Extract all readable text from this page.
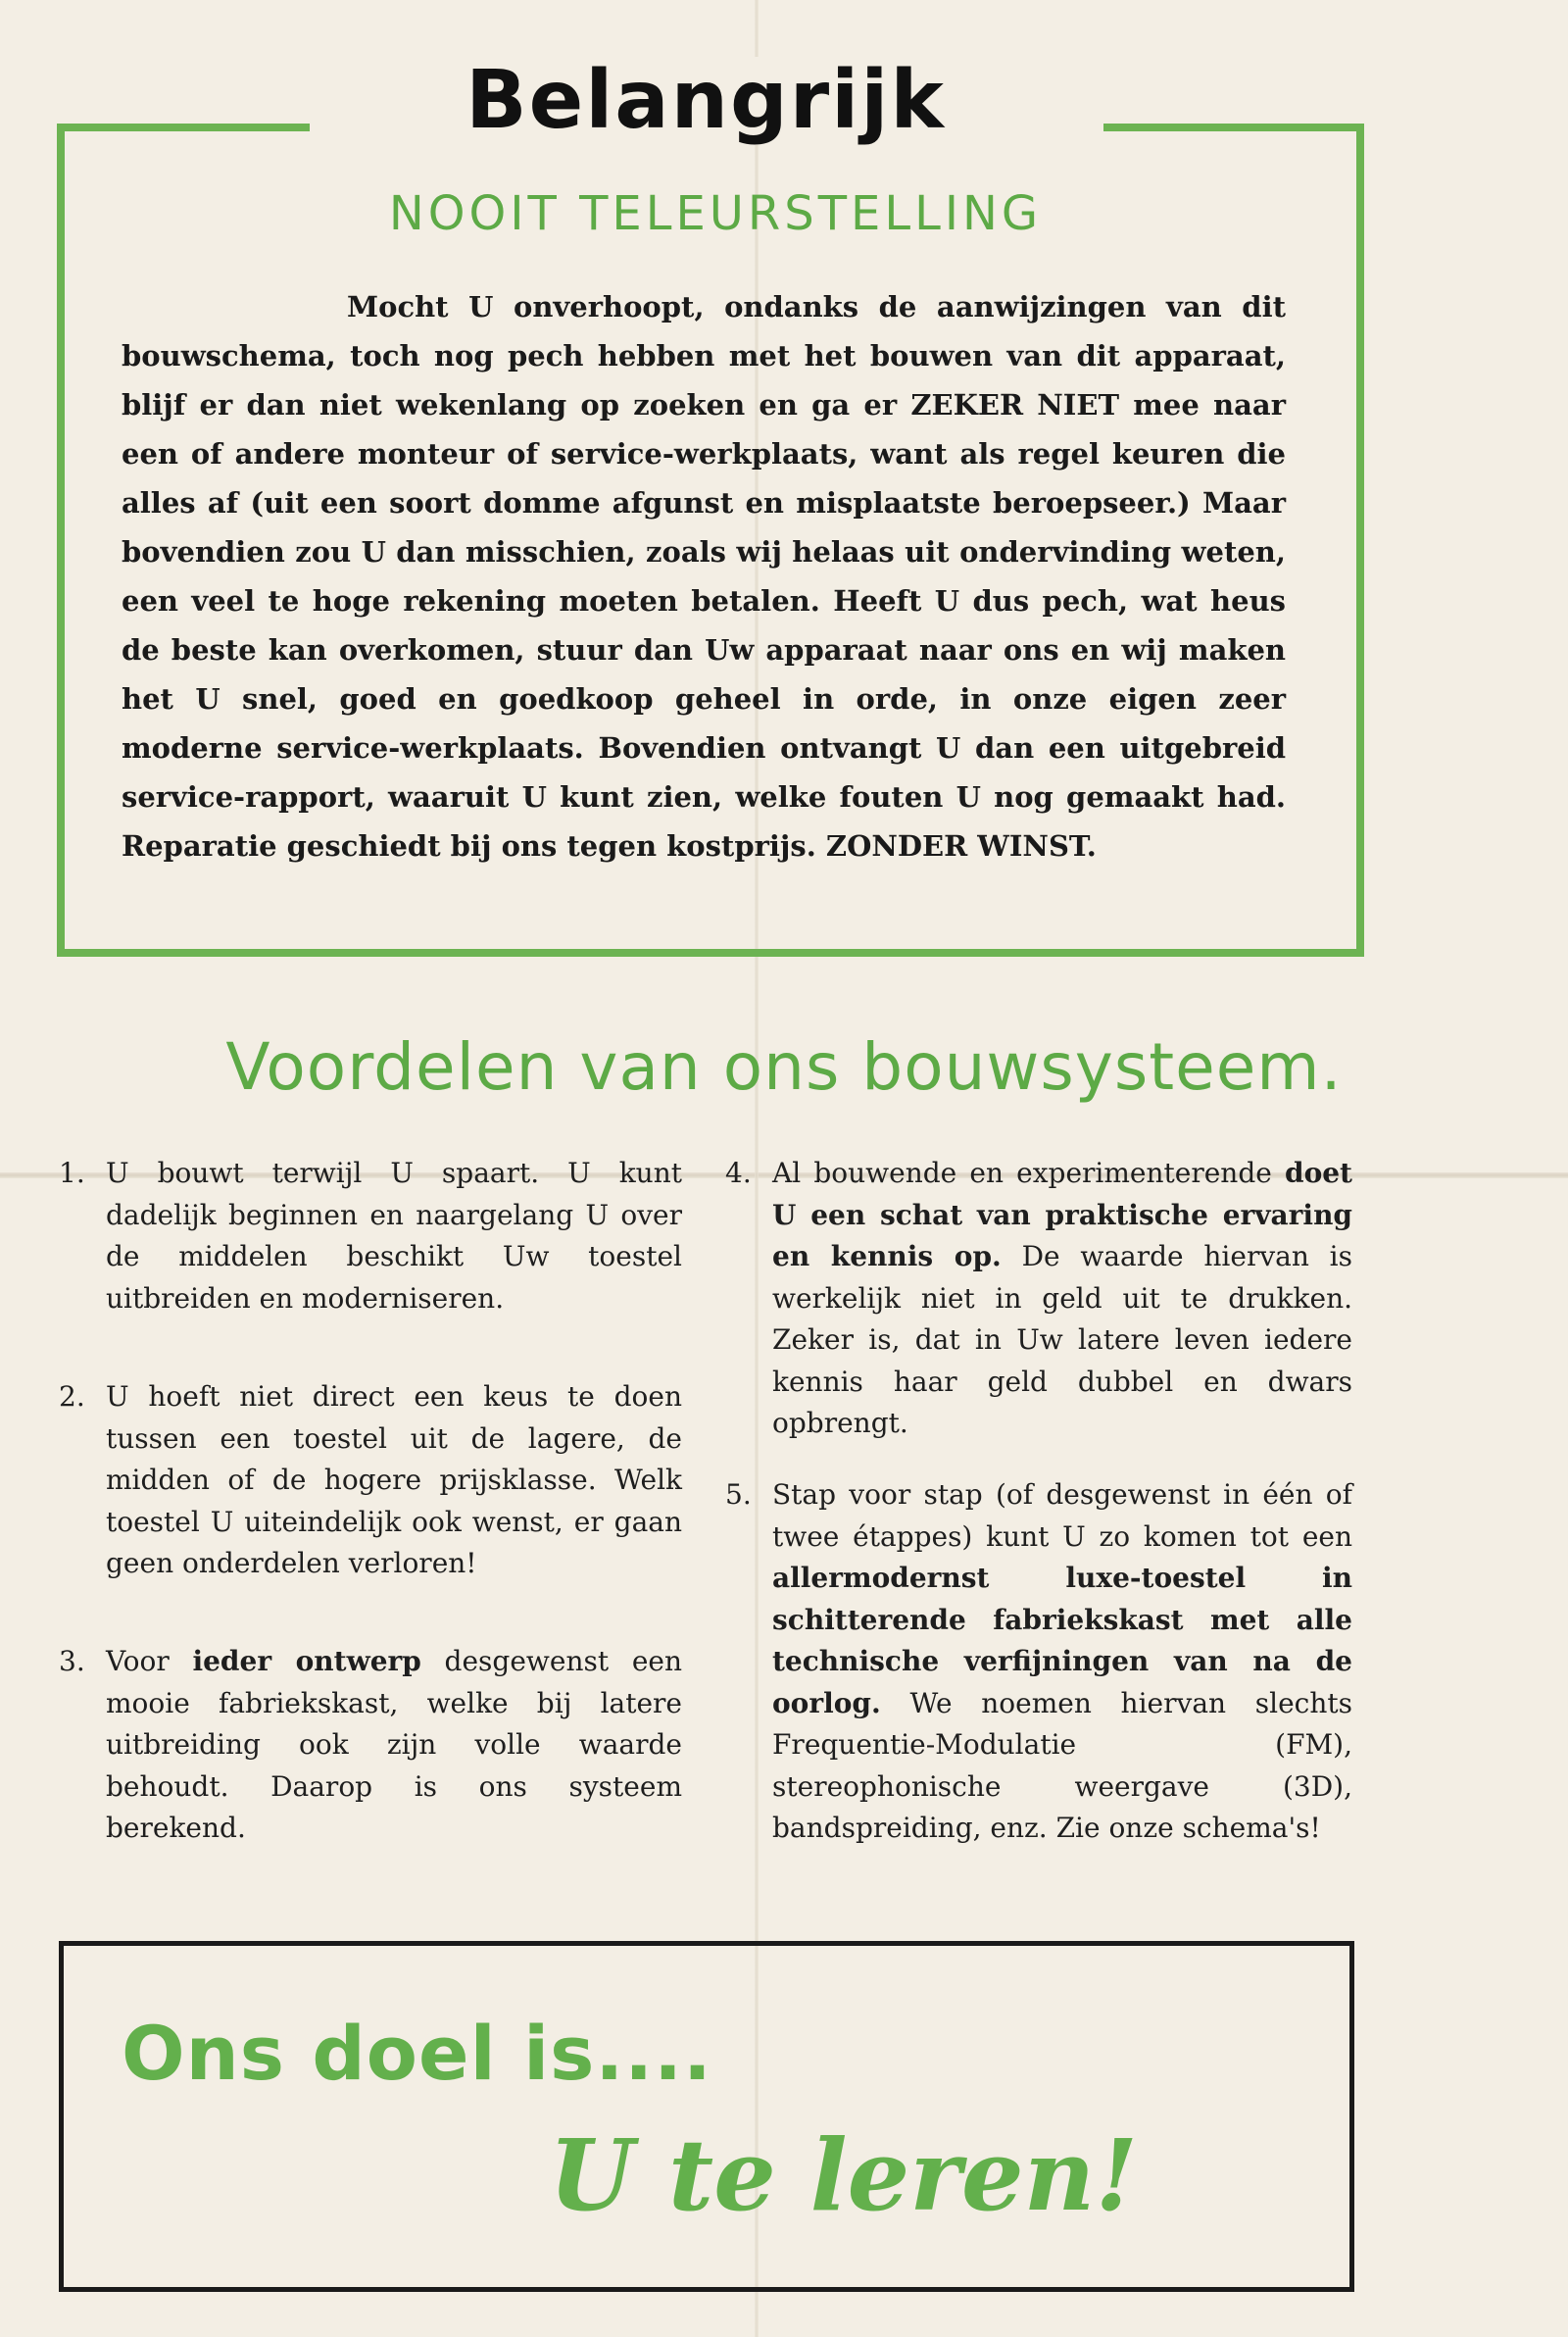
Belangrijk
NOOIT TELEURSTELLING
Mocht U onverhoopt, ondanks de aanwijzingen van dit bouwschema, toch nog pech hebben met het bouwen van dit apparaat, blijf er dan niet wekenlang op zoeken en ga er ZEKER NIET mee naar een of andere monteur of service-werkplaats, want als regel keuren die alles af (uit een soort domme afgunst en misplaatste beroepseer.) Maar bovendien zou U dan misschien, zoals wij helaas uit ondervinding weten, een veel te hoge rekening moeten betalen. Heeft U dus pech, wat heus de beste kan overkomen, stuur dan Uw apparaat naar ons en wij maken het U snel, goed en goedkoop geheel in orde, in onze eigen zeer moderne service-werkplaats. Bovendien ontvangt U dan een uitgebreid service-rapport, waaruit U kunt zien, welke fouten U nog gemaakt had. Reparatie geschiedt bij ons tegen kostprijs. ZONDER WINST.
Voordelen van ons bouwsysteem.
1. U bouwt terwijl U spaart. U kunt dadelijk beginnen en naargelang U over de middelen beschikt Uw toestel uitbreiden en moderniseren.
2. U hoeft niet direct een keus te doen tussen een toestel uit de lagere, de midden of de hogere prijsklasse. Welk toestel U uiteindelijk ook wenst, er gaan geen onderdelen verloren!
3. Voor ieder ontwerp desgewenst een mooie fabriekskast, welke bij latere uitbreiding ook zijn volle waarde behoudt. Daarop is ons systeem berekend.
4. Al bouwende en experimenterende doet U een schat van praktische ervaring en kennis op. De waarde hiervan is werkelijk niet in geld uit te drukken. Zeker is, dat in Uw latere leven iedere kennis haar geld dubbel en dwars opbrengt.
5. Stap voor stap (of desgewenst in één of twee étappes) kunt U zo komen tot een allermodernst luxe-toestel in schitterende fabriekskast met alle technische verfijningen van na de oorlog. We noemen hiervan slechts Frequentie-Modulatie (FM), stereophonische weergave (3D), bandspreiding, enz. Zie onze schema's!
Ons doel is....
U te leren!
